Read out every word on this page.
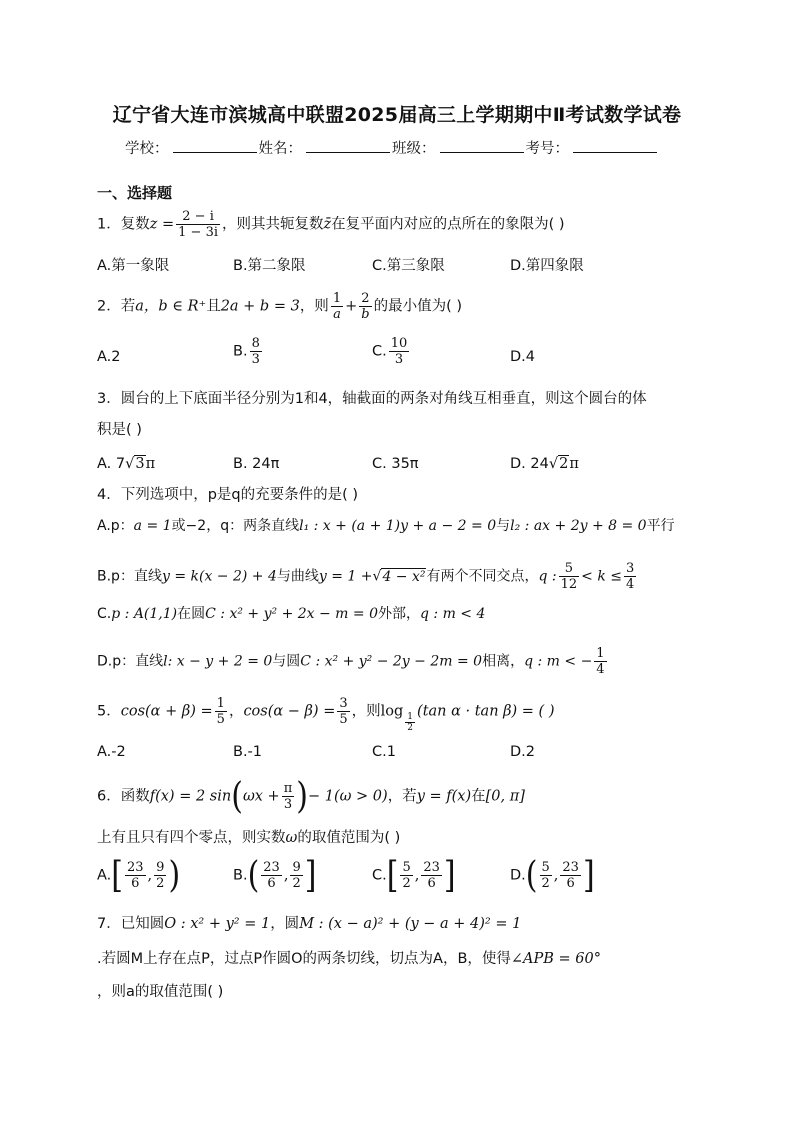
辽宁省大连市滨城高中联盟2025届高三上学期期中Ⅱ考试数学试卷
学校：	姓名：	班级：	考号：
一、选择题
1．复数$z = \frac{2 - i}{1 - 3i}$ ，则其共轭复数z̄在复平面内对应的点所在的象限为( )
A.第一象限	B.第二象限	C.第三象限	D.第四象限
2．若a，b ∈ R⁺且2a + b = 3，则 $\frac{1}{a} + \frac{2}{b}$ 的最小值为( )
A.2	B. $\frac{8}{3}$	C. $\frac{10}{3}$	D.4
3．圆台的上下底面半径分别为1和4，轴截面的两条对角线互相垂直，则这个圆台的体
积是( )
A. 7√3π	B. 24π	C. 35π	D. 24√2π
4．下列选项中，p是q的充要条件的是( )
A.p：a = 1或−2，q：两条直线l₁ : x + (a + 1)y + a − 2 = 0与l₂ : ax + 2y + 8 = 0平行
B.p：直线y = k(x − 2) + 4与曲线y = 1 +√4 − x²有两个不同交点，q : $\frac{5}{12} < k \le \frac{3}{4}$
C.p : A(1,1)在圆C : x² + y² + 2x − m = 0外部，q : m < 4
D.p：直线l: x − y + 2 = 0与圆C : x² + y² − 2y − 2m = 0相离，q : m < − $\frac{1}{4}$
5．$\cos(\alpha + \beta) = \frac{1}{5}$ ，$\cos(\alpha - \beta) = \frac{3}{5}$ ，则$\log \frac{1}{2} (\tan$ α · tan β) = ( )
A.-2	B.-1	C.1	D.2
6．函数f(x) = 2 $\sin(\omega x + \frac{\pi}{3}$ )− 1(ω > 0)，若y = f(x)在[0, π]
上有且只有四个零点，则实数ω的取值范围为( )
$A.[ \frac{23}{6}$ , $\frac{9}{2}$ )	$B.( \frac{23}{6}$ , $\frac{9}{2}$ ]	$C.[ \frac{5}{2}$ , $\frac{23}{6}$ ]	$D.( \frac{5}{2}$ , $\frac{23}{6}$ ]
7．已知圆O : x² + y² = 1，圆M : (x − a)² + (y − a + 4)² = 1
.若圆M上存在点P，过点P作圆O的两条切线，切点为A，B，使得∠APB = 60°
，则a的取值范围( )
